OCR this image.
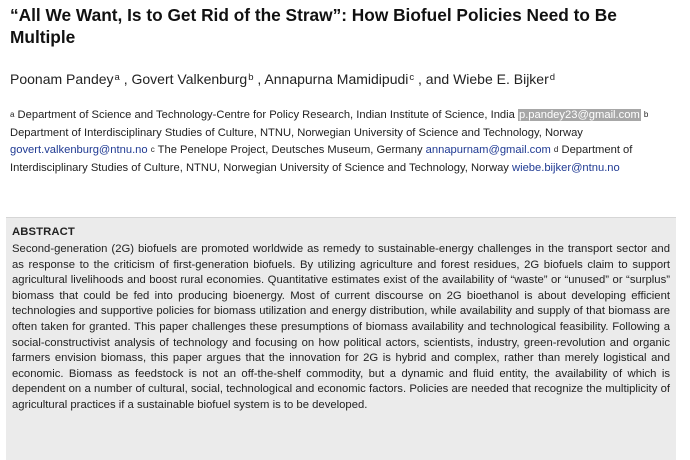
“All We Want, Is to Get Rid of the Straw”: How Biofuel Policies Need to Be Multiple
Poonam Pandey$^a$ , Govert Valkenburg$^b$ , Annapurna Mamidipudi$^c$ , and Wiebe E. Bijker$^d$
$^a$ Department of Science and Technology-Centre for Policy Research, Indian Institute of Science, India p.pandey23@gmail.com $^b$ Department of Interdisciplinary Studies of Culture, NTNU, Norwegian University of Science and Technology, Norway govert.valkenburg@ntnu.no $^c$ The Penelope Project, Deutsches Museum, Germany annapurnam@gmail.com $^d$ Department of Interdisciplinary Studies of Culture, NTNU, Norwegian University of Science and Technology, Norway wiebe.bijker@ntnu.no
ABSTRACT

Second-generation (2G) biofuels are promoted worldwide as remedy to sustainable-energy challenges in the transport sector and as response to the criticism of first-generation biofuels. By utilizing agriculture and forest residues, 2G biofuels claim to support agricultural livelihoods and boost rural economies. Quantitative estimates exist of the availability of “waste” or “unused” or “surplus” biomass that could be fed into producing bioenergy. Most of current discourse on 2G bioethanol is about developing efficient technologies and supportive policies for biomass utilization and energy distribution, while availability and supply of that biomass are often taken for granted. This paper challenges these presumptions of biomass availability and technological feasibility. Following a social-constructivist analysis of technology and focusing on how political actors, scientists, industry, green-revolution and organic farmers envision biomass, this paper argues that the innovation for 2G is hybrid and complex, rather than merely logistical and economic. Biomass as feedstock is not an off-the-shelf commodity, but a dynamic and fluid entity, the availability of which is dependent on a number of cultural, social, technological and economic factors. Policies are needed that recognize the multiplicity of agricultural practices if a sustainable biofuel system is to be developed.
